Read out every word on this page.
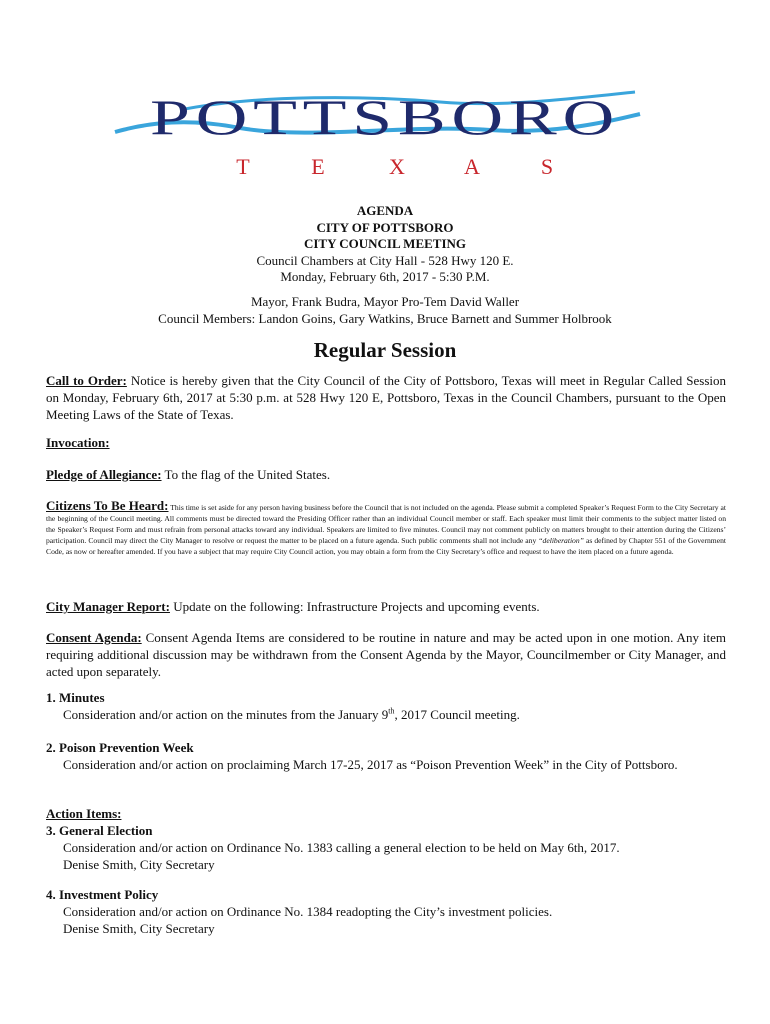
POTTSBORO
T	E	X	A	S
AGENDA
CITY OF POTTSBORO
CITY COUNCIL MEETING
Council Chambers at City Hall - 528 Hwy 120 E.
Monday, February 6th, 2017 - 5:30 P.M.
Mayor, Frank Budra, Mayor Pro-Tem David Waller
Council Members: Landon Goins, Gary Watkins, Bruce Barnett and Summer Holbrook
Regular Session
Call to Order: Notice is hereby given that the City Council of the City of Pottsboro, Texas will meet in Regular Called Session on Monday, February 6th, 2017 at 5:30 p.m. at 528 Hwy 120 E, Pottsboro, Texas in the Council Chambers, pursuant to the Open Meeting Laws of the State of Texas.
Invocation:
Pledge of Allegiance: To the flag of the United States.
Citizens To Be Heard: This time is set aside for any person having business before the Council that is not included on the agenda. Please submit a completed Speaker’s Request Form to the City Secretary at the beginning of the Council meeting. All comments must be directed toward the Presiding Officer rather than an individual Council member or staff. Each speaker must limit their comments to the subject matter listed on the Speaker’s Request Form and must refrain from personal attacks toward any individual. Speakers are limited to five minutes. Council may not comment publicly on matters brought to their attention during the Citizens’ participation. Council may direct the City Manager to resolve or request the matter to be placed on a future agenda. Such public comments shall not include any “deliberation” as defined by Chapter 551 of the Government Code, as now or hereafter amended. If you have a subject that may require City Council action, you may obtain a form from the City Secretary’s office and request to have the item placed on a future agenda.
City Manager Report: Update on the following: Infrastructure Projects and upcoming events.
Consent Agenda: Consent Agenda Items are considered to be routine in nature and may be acted upon in one motion. Any item requiring additional discussion may be withdrawn from the Consent Agenda by the Mayor, Councilmember or City Manager, and acted upon separately.
1. Minutes
Consideration and/or action on the minutes from the January 9th, 2017 Council meeting.
2. Poison Prevention Week
Consideration and/or action on proclaiming March 17-25, 2017 as “Poison Prevention Week” in the City of Pottsboro.
Action Items:
3. General Election
Consideration and/or action on Ordinance No. 1383 calling a general election to be held on May 6th, 2017.
Denise Smith, City Secretary
4. Investment Policy
Consideration and/or action on Ordinance No. 1384 readopting the City’s investment policies.
Denise Smith, City Secretary
